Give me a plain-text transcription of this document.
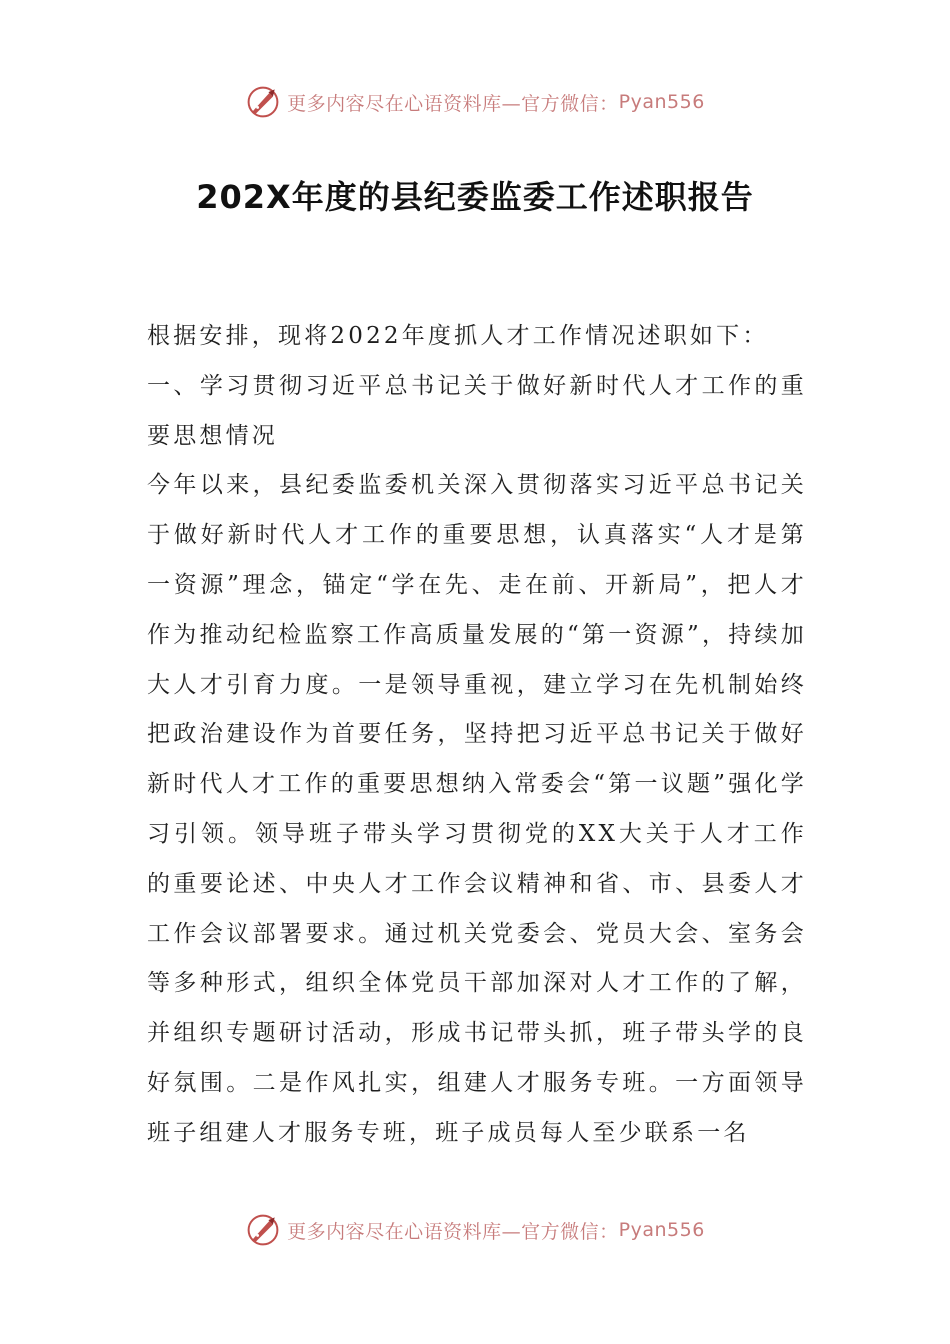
更多内容尽在心语资料库—官方微信： Pyan556
202X年度的县纪委监委工作述职报告

根据安排，现将2022年度抓人才工作情况述职如下：

一、学习贯彻习近平总书记关于做好新时代人才工作的重要思想情况

今年以来，县纪委监委机关深入贯彻落实习近平总书记关于做好新时代人才工作的重要思想，认真落实“人才是第一资源”理念，锚定“学在先、走在前、开新局”，把人才作为推动纪检监察工作高质量发展的“第一资源”，持续加大人才引育力度。一是领导重视，建立学习在先机制始终把政治建设作为首要任务，坚持把习近平总书记关于做好新时代人才工作的重要思想纳入常委会“第一议题”强化学习引领。领导班子带头学习贯彻党的XX大关于人才工作的重要论述、中央人才工作会议精神和省、市、县委人才工作会议部署要求。通过机关党委会、党员大会、室务会等多种形式，组织全体党员干部加深对人才工作的了解，并组织专题研讨活动，形成书记带头抓，班子带头学的良好氛围。二是作风扎实，组建人才服务专班。一方面领导班子组建人才服务专班，班子成员每人至少联系一名

更多内容尽在心语资料库—官方微信： Pyan556
